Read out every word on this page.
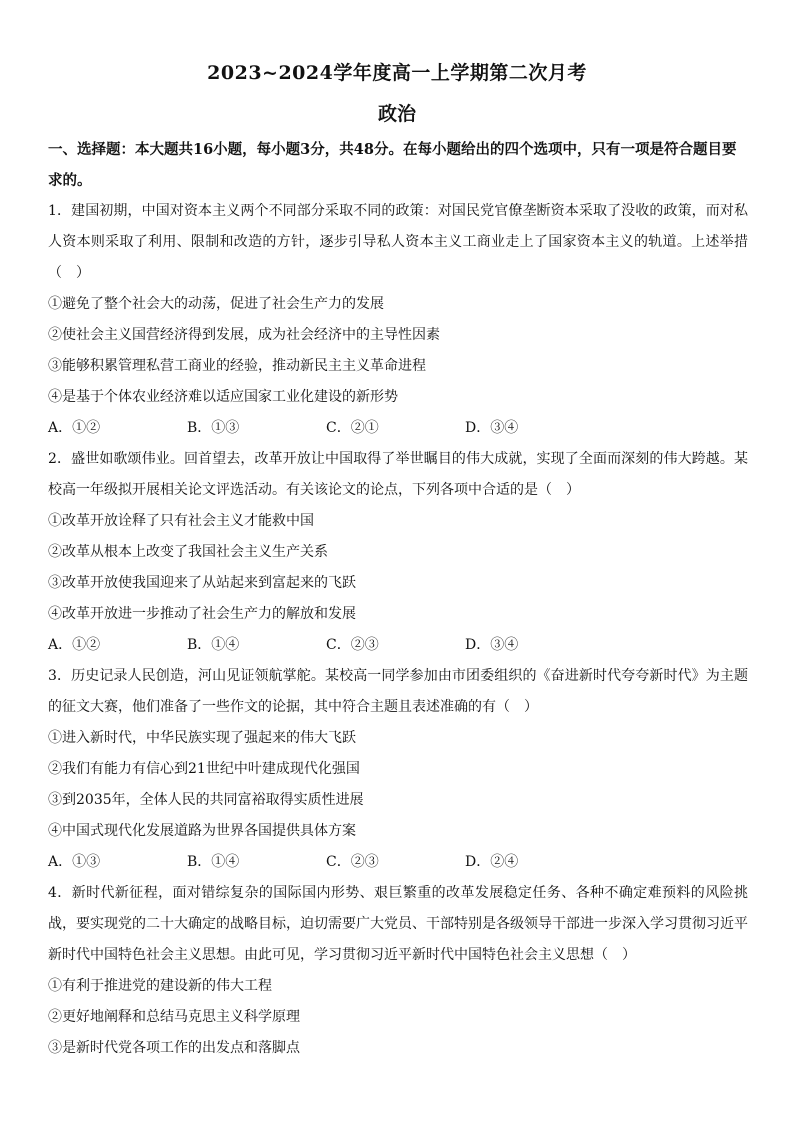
2023~2024学年度高一上学期第二次月考
政治

一、选择题：本大题共16小题，每小题3分，共48分。在每小题给出的四个选项中，只有一项是符合题目要求的。

1．建国初期，中国对资本主义两个不同部分采取不同的政策：对国民党官僚垄断资本采取了没收的政策，而对私人资本则采取了利用、限制和改造的方针，逐步引导私人资本主义工商业走上了国家资本主义的轨道。上述举措（　）

①避免了整个社会大的动荡，促进了社会生产力的发展

②使社会主义国营经济得到发展，成为社会经济中的主导性因素

③能够积累管理私营工商业的经验，推动新民主主义革命进程

④是基于个体农业经济难以适应国家工业化建设的新形势

A．①②	B．①③	C．②①	D．③④

2．盛世如歌颂伟业。回首望去，改革开放让中国取得了举世瞩目的伟大成就，实现了全面而深刻的伟大跨越。某校高一年级拟开展相关论文评选活动。有关该论文的论点，下列各项中合适的是（　）

①改革开放诠释了只有社会主义才能救中国

②改革从根本上改变了我国社会主义生产关系

③改革开放使我国迎来了从站起来到富起来的飞跃

④改革开放进一步推动了社会生产力的解放和发展

A．①②	B．①④	C．②③	D．③④

3．历史记录人民创造，河山见证领航掌舵。某校高一同学参加由市团委组织的《奋进新时代夸夸新时代》为主题的征文大赛，他们准备了一些作文的论据，其中符合主题且表述准确的有（　）

①进入新时代，中华民族实现了强起来的伟大飞跃

②我们有能力有信心到21世纪中叶建成现代化强国

③到2035年，全体人民的共同富裕取得实质性进展

④中国式现代化发展道路为世界各国提供具体方案

A．①③	B．①④	C．②③	D．②④

4．新时代新征程，面对错综复杂的国际国内形势、艰巨繁重的改革发展稳定任务、各种不确定难预料的风险挑战，要实现党的二十大确定的战略目标，迫切需要广大党员、干部特别是各级领导干部进一步深入学习贯彻习近平新时代中国特色社会主义思想。由此可见，学习贯彻习近平新时代中国特色社会主义思想（　）

①有利于推进党的建设新的伟大工程

②更好地阐释和总结马克思主义科学原理

③是新时代党各项工作的出发点和落脚点
